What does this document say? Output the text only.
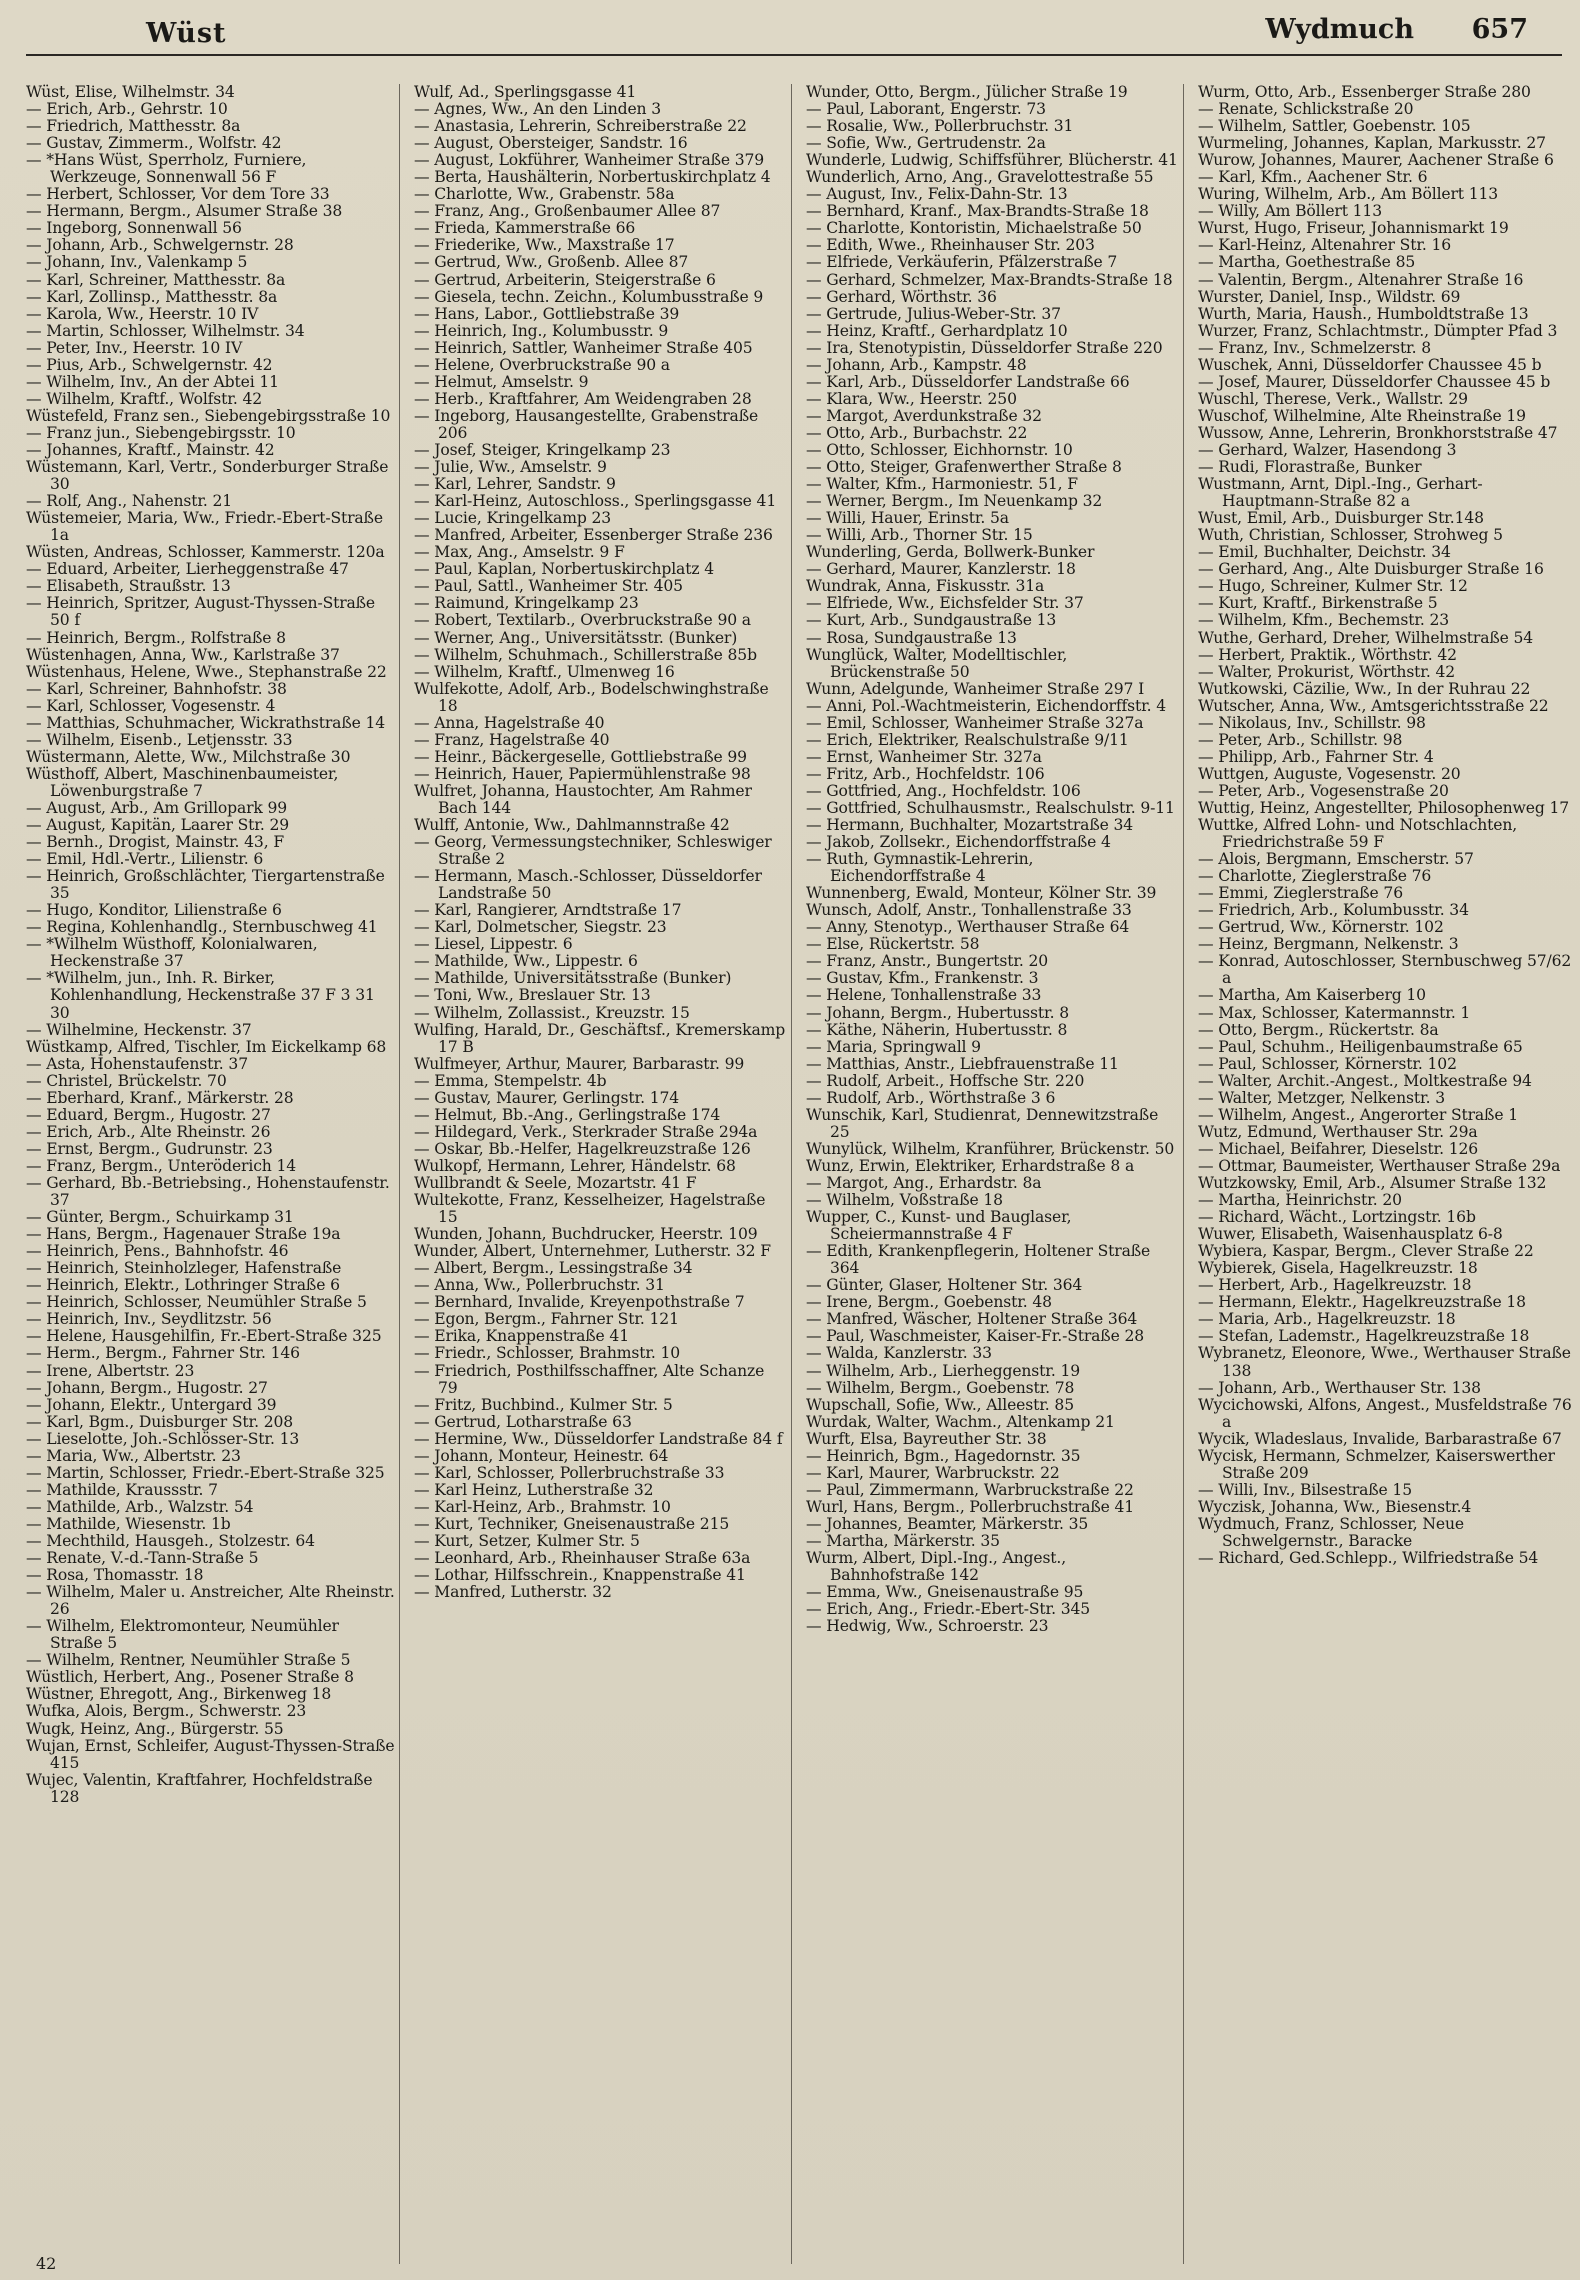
Wüst	Wydmuch 657
Wüst, Elise, Wilhelmstr. 34
— Erich, Arb., Gehrstr. 10
— Friedrich, Matthesstr. 8a
— Gustav, Zimmerm., Wolfstr. 42
— *Hans Wüst, Sperrholz, Furniere, Werkzeuge, Sonnenwall 56 F
— Herbert, Schlosser, Vor dem Tore 33
— Hermann, Bergm., Alsumer Straße 38
— Ingeborg, Sonnenwall 56
— Johann, Arb., Schwelgernstr. 28
— Johann, Inv., Valenkamp 5
— Karl, Schreiner, Matthesstr. 8a
— Karl, Zollinsp., Matthesstr. 8a
— Karola, Ww., Heerstr. 10 IV
— Martin, Schlosser, Wilhelmstr. 34
— Peter, Inv., Heerstr. 10 IV
— Pius, Arb., Schwelgernstr. 42
— Wilhelm, Inv., An der Abtei 11
— Wilhelm, Kraftf., Wolfstr. 42
Wüstefeld, Franz sen., Siebengebirgsstraße 10
— Franz jun., Siebengebirgsstr. 10
— Johannes, Kraftf., Mainstr. 42
Wüstemann, Karl, Vertr., Sonderburger Straße 30
— Rolf, Ang., Nahenstr. 21
Wüstemeier, Maria, Ww., Friedr.-Ebert-Straße 1a
Wüsten, Andreas, Schlosser, Kammerstr. 120a
— Eduard, Arbeiter, Lierheggenstraße 47
— Elisabeth, Straußstr. 13
— Heinrich, Spritzer, August-Thyssen-Straße 50 f
— Heinrich, Bergm., Rolfstraße 8
Wüstenhagen, Anna, Ww., Karlstraße 37
Wüstenhaus, Helene, Wwe., Stephanstraße 22
— Karl, Schreiner, Bahnhofstr. 38
— Karl, Schlosser, Vogesenstr. 4
— Matthias, Schuhmacher, Wickrathstraße 14
— Wilhelm, Eisenb., Letjensstr. 33
Wüstermann, Alette, Ww., Milchstraße 30
Wüsthoff, Albert, Maschinenbaumeister, Löwenburgstraße 7
— August, Arb., Am Grillopark 99
— August, Kapitän, Laarer Str. 29
— Bernh., Drogist, Mainstr. 43, F
— Emil, Hdl.-Vertr., Lilienstr. 6
— Heinrich, Großschlächter, Tiergartenstraße 35
— Hugo, Konditor, Lilienstraße 6
— Regina, Kohlenhandlg., Sternbuschweg 41
— *Wilhelm Wüsthoff, Kolonialwaren, Heckenstraße 37
— *Wilhelm, jun., Inh. R. Birker, Kohlenhandlung, Heckenstraße 37 F 3 31 30
— Wilhelmine, Heckenstr. 37
Wüstkamp, Alfred, Tischler, Im Eickelkamp 68
— Asta, Hohenstaufenstr. 37
— Christel, Brückelstr. 70
— Eberhard, Kranf., Märkerstr. 28
— Eduard, Bergm., Hugostr. 27
— Erich, Arb., Alte Rheinstr. 26
— Ernst, Bergm., Gudrunstr. 23
— Franz, Bergm., Unteröderich 14
— Gerhard, Bb.-Betriebsing., Hohenstaufenstr. 37
— Günter, Bergm., Schuirkamp 31
— Hans, Bergm., Hagenauer Straße 19a
— Heinrich, Pens., Bahnhofstr. 46
— Heinrich, Steinholzleger, Hafenstraße
— Heinrich, Elektr., Lothringer Straße 6
— Heinrich, Schlosser, Neumühler Straße 5
— Heinrich, Inv., Seydlitzstr. 56
— Helene, Hausgehilfin, Fr.-Ebert-Straße 325
— Herm., Bergm., Fahrner Str. 146
— Irene, Albertstr. 23
— Johann, Bergm., Hugostr. 27
— Johann, Elektr., Untergard 39
— Karl, Bgm., Duisburger Str. 208
— Lieselotte, Joh.-Schlösser-Str. 13
— Maria, Ww., Albertstr. 23
— Martin, Schlosser, Friedr.-Ebert-Straße 325
— Mathilde, Kraussstr. 7
— Mathilde, Arb., Walzstr. 54
— Mathilde, Wiesenstr. 1b
— Mechthild, Hausgeh., Stolzestr. 64
— Renate, V.-d.-Tann-Straße 5
— Rosa, Thomasstr. 18
— Wilhelm, Maler u. Anstreicher, Alte Rheinstr. 26
— Wilhelm, Elektromonteur, Neumühler Straße 5
— Wilhelm, Rentner, Neumühler Straße 5
Wüstlich, Herbert, Ang., Posener Straße 8
Wüstner, Ehregott, Ang., Birkenweg 18
Wufka, Alois, Bergm., Schwerstr. 23
Wugk, Heinz, Ang., Bürgerstr. 55
Wujan, Ernst, Schleifer, August-Thyssen-Straße 415
Wujec, Valentin, Kraftfahrer, Hochfeldstraße 128
Wulf, Ad., Sperlingsgasse 41
— Agnes, Ww., An den Linden 3
— Anastasia, Lehrerin, Schreiberstraße 22
— August, Obersteiger, Sandstr. 16
— August, Lokführer, Wanheimer Straße 379
— Berta, Haushälterin, Norbertuskirchplatz 4
— Charlotte, Ww., Grabenstr. 58a
— Franz, Ang., Großenbaumer Allee 87
— Frieda, Kammerstraße 66
— Friederike, Ww., Maxstraße 17
— Gertrud, Ww., Großenb. Allee 87
— Gertrud, Arbeiterin, Steigerstraße 6
— Giesela, techn. Zeichn., Kolumbusstraße 9
— Hans, Labor., Gottliebstraße 39
— Heinrich, Ing., Kolumbusstr. 9
— Heinrich, Sattler, Wanheimer Straße 405
— Helene, Overbruckstraße 90 a
— Helmut, Amselstr. 9
— Herb., Kraftfahrer, Am Weidengraben 28
— Ingeborg, Hausangestellte, Grabenstraße 206
— Josef, Steiger, Kringelkamp 23
— Julie, Ww., Amselstr. 9
— Karl, Lehrer, Sandstr. 9
— Karl-Heinz, Autoschloss., Sperlingsgasse 41
— Lucie, Kringelkamp 23
— Manfred, Arbeiter, Essenberger Straße 236
— Max, Ang., Amselstr. 9 F
— Paul, Kaplan, Norbertuskirchplatz 4
— Paul, Sattl., Wanheimer Str. 405
— Raimund, Kringelkamp 23
— Robert, Textilarb., Overbruckstraße 90 a
— Werner, Ang., Universitätsstr. (Bunker)
— Wilhelm, Schuhmach., Schillerstraße 85b
— Wilhelm, Kraftf., Ulmenweg 16
Wulfekotte, Adolf, Arb., Bodelschwinghstraße 18
— Anna, Hagelstraße 40
— Franz, Hagelstraße 40
— Heinr., Bäckergeselle, Gottliebstraße 99
— Heinrich, Hauer, Papiermühlenstraße 98
Wulfret, Johanna, Haustochter, Am Rahmer Bach 144
Wulff, Antonie, Ww., Dahlmannstraße 42
— Georg, Vermessungstechniker, Schleswiger Straße 2
— Hermann, Masch.-Schlosser, Düsseldorfer Landstraße 50
— Karl, Rangierer, Arndtstraße 17
— Karl, Dolmetscher, Siegstr. 23
— Liesel, Lippestr. 6
— Mathilde, Ww., Lippestr. 6
— Mathilde, Universitätsstraße (Bunker)
— Toni, Ww., Breslauer Str. 13
— Wilhelm, Zollassist., Kreuzstr. 15
Wulfing, Harald, Dr., Geschäftsf., Kremerskamp 17 B
Wulfmeyer, Arthur, Maurer, Barbarastr. 99
— Emma, Stempelstr. 4b
— Gustav, Maurer, Gerlingstr. 174
— Helmut, Bb.-Ang., Gerlingstraße 174
— Hildegard, Verk., Sterkrader Straße 294a
— Oskar, Bb.-Helfer, Hagelkreuzstraße 126
Wulkopf, Hermann, Lehrer, Händelstr. 68
Wullbrandt & Seele, Mozartstr. 41 F
Wultekotte, Franz, Kesselheizer, Hagelstraße 15
Wunden, Johann, Buchdrucker, Heerstr. 109
Wunder, Albert, Unternehmer, Lutherstr. 32 F
— Albert, Bergm., Lessingstraße 34
— Anna, Ww., Pollerbruchstr. 31
— Bernhard, Invalide, Kreyenpothstraße 7
— Egon, Bergm., Fahrner Str. 121
— Erika, Knappenstraße 41
— Friedr., Schlosser, Brahmstr. 10
— Friedrich, Posthilfsschaffner, Alte Schanze 79
— Fritz, Buchbind., Kulmer Str. 5
— Gertrud, Lotharstraße 63
— Hermine, Ww., Düsseldorfer Landstraße 84 f
— Johann, Monteur, Heinestr. 64
— Karl, Schlosser, Pollerbruchstraße 33
— Karl Heinz, Lutherstraße 32
— Karl-Heinz, Arb., Brahmstr. 10
— Kurt, Techniker, Gneisenaustraße 215
— Kurt, Setzer, Kulmer Str. 5
— Leonhard, Arb., Rheinhauser Straße 63a
— Lothar, Hilfsschrein., Knappenstraße 41
— Manfred, Lutherstr. 32
Wunder, Otto, Bergm., Jülicher Straße 19
— Paul, Laborant, Engerstr. 73
— Rosalie, Ww., Pollerbruchstr. 31
— Sofie, Ww., Gertrudenstr. 2a
Wunderle, Ludwig, Schiffsführer, Blücherstr. 41
Wunderlich, Arno, Ang., Gravelottestraße 55
— August, Inv., Felix-Dahn-Str. 13
— Bernhard, Kranf., Max-Brandts-Straße 18
— Charlotte, Kontoristin, Michaelstraße 50
— Edith, Wwe., Rheinhauser Str. 203
— Elfriede, Verkäuferin, Pfälzerstraße 7
— Gerhard, Schmelzer, Max-Brandts-Straße 18
— Gerhard, Wörthstr. 36
— Gertrude, Julius-Weber-Str. 37
— Heinz, Kraftf., Gerhardplatz 10
— Ira, Stenotypistin, Düsseldorfer Straße 220
— Johann, Arb., Kampstr. 48
— Karl, Arb., Düsseldorfer Landstraße 66
— Klara, Ww., Heerstr. 250
— Margot, Averdunkstraße 32
— Otto, Arb., Burbachstr. 22
— Otto, Schlosser, Eichhornstr. 10
— Otto, Steiger, Grafenwerther Straße 8
— Walter, Kfm., Harmoniestr. 51, F
— Werner, Bergm., Im Neuenkamp 32
— Willi, Hauer, Erinstr. 5a
— Willi, Arb., Thorner Str. 15
Wunderling, Gerda, Bollwerk-Bunker
— Gerhard, Maurer, Kanzlerstr. 18
Wundrak, Anna, Fiskusstr. 31a
— Elfriede, Ww., Eichsfelder Str. 37
— Kurt, Arb., Sundgaustraße 13
— Rosa, Sundgaustraße 13
Wunglück, Walter, Modelltischler, Brückenstraße 50
Wunn, Adelgunde, Wanheimer Straße 297 I
— Anni, Pol.-Wachtmeisterin, Eichendorffstr. 4
— Emil, Schlosser, Wanheimer Straße 327a
— Erich, Elektriker, Realschulstraße 9/11
— Ernst, Wanheimer Str. 327a
— Fritz, Arb., Hochfeldstr. 106
— Gottfried, Ang., Hochfeldstr. 106
— Gottfried, Schulhausmstr., Realschulstr. 9-11
— Hermann, Buchhalter, Mozartstraße 34
— Jakob, Zollsekr., Eichendorffstraße 4
— Ruth, Gymnastik-Lehrerin, Eichendorffstraße 4
Wunnenberg, Ewald, Monteur, Kölner Str. 39
Wunsch, Adolf, Anstr., Tonhallenstraße 33
— Anny, Stenotyp., Werthauser Straße 64
— Else, Rückertstr. 58
— Franz, Anstr., Bungertstr. 20
— Gustav, Kfm., Frankenstr. 3
— Helene, Tonhallenstraße 33
— Johann, Bergm., Hubertusstr. 8
— Käthe, Näherin, Hubertusstr. 8
— Maria, Springwall 9
— Matthias, Anstr., Liebfrauenstraße 11
— Rudolf, Arbeit., Hoffsche Str. 220
— Rudolf, Arb., Wörthstraße 3 6
Wunschik, Karl, Studienrat, Dennewitzstraße 25
Wunylück, Wilhelm, Kranführer, Brückenstr. 50
Wunz, Erwin, Elektriker, Erhardstraße 8 a
— Margot, Ang., Erhardstr. 8a
— Wilhelm, Voßstraße 18
Wupper, C., Kunst- und Bauglaser, Scheiermannstraße 4 F
— Edith, Krankenpflegerin, Holtener Straße 364
— Günter, Glaser, Holtener Str. 364
— Irene, Bergm., Goebenstr. 48
— Manfred, Wäscher, Holtener Straße 364
— Paul, Waschmeister, Kaiser-Fr.-Straße 28
— Walda, Kanzlerstr. 33
— Wilhelm, Arb., Lierheggenstr. 19
— Wilhelm, Bergm., Goebenstr. 78
Wupschall, Sofie, Ww., Alleestr. 85
Wurdak, Walter, Wachm., Altenkamp 21
Wurft, Elsa, Bayreuther Str. 38
— Heinrich, Bgm., Hagedornstr. 35
— Karl, Maurer, Warbruckstr. 22
— Paul, Zimmermann, Warbruckstraße 22
Wurl, Hans, Bergm., Pollerbruchstraße 41
— Johannes, Beamter, Märkerstr. 35
— Martha, Märkerstr. 35
Wurm, Albert, Dipl.-Ing., Angest., Bahnhofstraße 142
— Emma, Ww., Gneisenaustraße 95
— Erich, Ang., Friedr.-Ebert-Str. 345
— Hedwig, Ww., Schroerstr. 23
Wurm, Otto, Arb., Essenberger Straße 280
— Renate, Schlickstraße 20
— Wilhelm, Sattler, Goebenstr. 105
Wurmeling, Johannes, Kaplan, Markusstr. 27
Wurow, Johannes, Maurer, Aachener Straße 6
— Karl, Kfm., Aachener Str. 6
Wuring, Wilhelm, Arb., Am Böllert 113
— Willy, Am Böllert 113
Wurst, Hugo, Friseur, Johannismarkt 19
— Karl-Heinz, Altenahrer Str. 16
— Martha, Goethestraße 85
— Valentin, Bergm., Altenahrer Straße 16
Wurster, Daniel, Insp., Wildstr. 69
Wurth, Maria, Haush., Humboldtstraße 13
Wurzer, Franz, Schlachtmstr., Dümpter Pfad 3
— Franz, Inv., Schmelzerstr. 8
Wuschek, Anni, Düsseldorfer Chaussee 45 b
— Josef, Maurer, Düsseldorfer Chaussee 45 b
Wuschl, Therese, Verk., Wallstr. 29
Wuschof, Wilhelmine, Alte Rheinstraße 19
Wussow, Anne, Lehrerin, Bronkhorststraße 47
— Gerhard, Walzer, Hasendong 3
— Rudi, Florastraße, Bunker
Wustmann, Arnt, Dipl.-Ing., Gerhart-Hauptmann-Straße 82 a
Wust, Emil, Arb., Duisburger Str.148
Wuth, Christian, Schlosser, Strohweg 5
— Emil, Buchhalter, Deichstr. 34
— Gerhard, Ang., Alte Duisburger Straße 16
— Hugo, Schreiner, Kulmer Str. 12
— Kurt, Kraftf., Birkenstraße 5
— Wilhelm, Kfm., Bechemstr. 23
Wuthe, Gerhard, Dreher, Wilhelmstraße 54
— Herbert, Praktik., Wörthstr. 42
— Walter, Prokurist, Wörthstr. 42
Wutkowski, Cäzilie, Ww., In der Ruhrau 22
Wutscher, Anna, Ww., Amtsgerichtsstraße 22
— Nikolaus, Inv., Schillstr. 98
— Peter, Arb., Schillstr. 98
— Philipp, Arb., Fahrner Str. 4
Wuttgen, Auguste, Vogesenstr. 20
— Peter, Arb., Vogesenstraße 20
Wuttig, Heinz, Angestellter, Philosophenweg 17
Wuttke, Alfred Lohn- und Notschlachten, Friedrichstraße 59 F
— Alois, Bergmann, Emscherstr. 57
— Charlotte, Zieglerstraße 76
— Emmi, Zieglerstraße 76
— Friedrich, Arb., Kolumbusstr. 34
— Gertrud, Ww., Körnerstr. 102
— Heinz, Bergmann, Nelkenstr. 3
— Konrad, Autoschlosser, Sternbuschweg 57/62 a
— Martha, Am Kaiserberg 10
— Max, Schlosser, Katermannstr. 1
— Otto, Bergm., Rückertstr. 8a
— Paul, Schuhm., Heiligenbaumstraße 65
— Paul, Schlosser, Körnerstr. 102
— Walter, Archit.-Angest., Moltkestraße 94
— Walter, Metzger, Nelkenstr. 3
— Wilhelm, Angest., Angerorter Straße 1
Wutz, Edmund, Werthauser Str. 29a
— Michael, Beifahrer, Dieselstr. 126
— Ottmar, Baumeister, Werthauser Straße 29a
Wutzkowsky, Emil, Arb., Alsumer Straße 132
— Martha, Heinrichstr. 20
— Richard, Wächt., Lortzingstr. 16b
Wuwer, Elisabeth, Waisenhausplatz 6-8
Wybiera, Kaspar, Bergm., Clever Straße 22
Wybierek, Gisela, Hagelkreuzstr. 18
— Herbert, Arb., Hagelkreuzstr. 18
— Hermann, Elektr., Hagelkreuzstraße 18
— Maria, Arb., Hagelkreuzstr. 18
— Stefan, Lademstr., Hagelkreuzstraße 18
Wybranetz, Eleonore, Wwe., Werthauser Straße 138
— Johann, Arb., Werthauser Str. 138
Wycichowski, Alfons, Angest., Musfeldstraße 76 a
Wycik, Wladeslaus, Invalide, Barbarastraße 67
Wycisk, Hermann, Schmelzer, Kaiserswerther Straße 209
— Willi, Inv., Bilsestraße 15
Wyczisk, Johanna, Ww., Biesenstr.4
Wydmuch, Franz, Schlosser, Neue Schwelgernstr., Baracke
— Richard, Ged.Schlepp., Wilfriedstraße 54
42
